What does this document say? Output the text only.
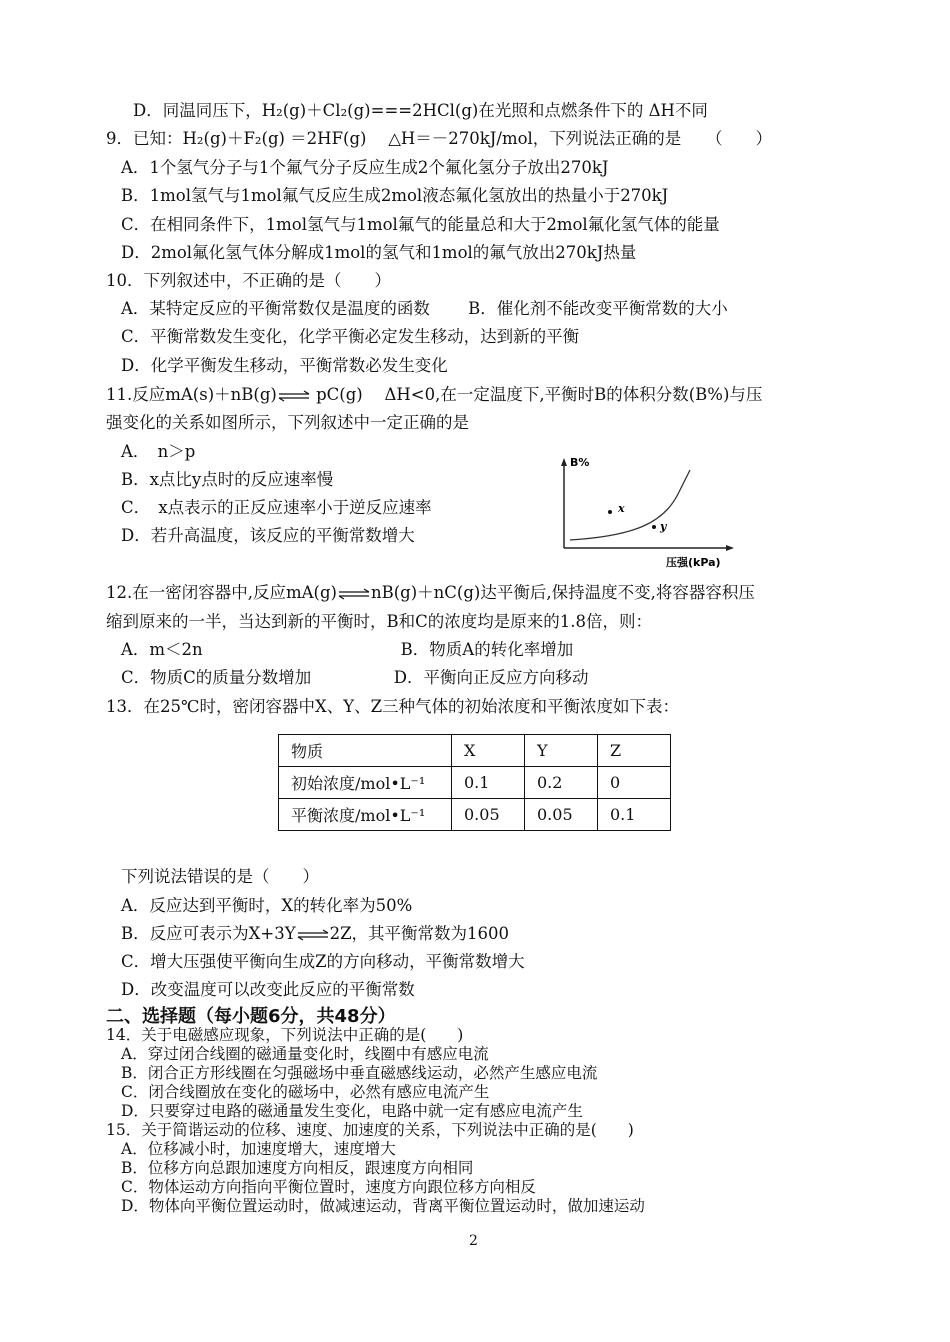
D．同温同压下，H₂(g)＋Cl₂(g)===2HCl(g)在光照和点燃条件下的 ΔH不同
9．已知：H₂(g)＋F₂(g) ＝2HF(g)　 △H＝－270kJ/mol，下列说法正确的是　　（　　）
A．1个氢气分子与1个氟气分子反应生成2个氟化氢分子放出270kJ
B．1mol氢气与1mol氟气反应生成2mol液态氟化氢放出的热量小于270kJ
C．在相同条件下，1mol氢气与1mol氟气的能量总和大于2mol氟化氢气体的能量
D．2mol氟化氢气体分解成1mol的氢气和1mol的氟气放出270kJ热量
10．下列叙述中，不正确的是（　　）
A．某特定反应的平衡常数仅是温度的函数　　 B．催化剂不能改变平衡常数的大小
C．平衡常数发生变化，化学平衡必定发生移动，达到新的平衡
D．化学平衡发生移动，平衡常数必发生变化
11.反应mA(s)＋nB(g)⇌ pC(g)　 ΔH<0,在一定温度下,平衡时B的体积分数(B%)与压
强变化的关系如图所示，下列叙述中一定正确的是
A．　n＞p
B．x点比y点时的反应速率慢
C．　x点表示的正反应速率小于逆反应速率
D．若升高温度，该反应的平衡常数增大
x
y
B%
压强(kPa)
12.在一密闭容器中,反应mA(g)⇌nB(g)＋nC(g)达平衡后,保持温度不变,将容器容积压
缩到原来的一半，当达到新的平衡时，B和C的浓度均是原来的1.8倍，则：
A．m＜2n　　　　　　　　　　　　B．物质A的转化率增加
C．物质C的质量分数增加　　　　　D．平衡向正反应方向移动
13．在25℃时，密闭容器中X、Y、Z三种气体的初始浓度和平衡浓度如下表：
物质	X	Y	Z
初始浓度/mol•L⁻¹	0.1	0.2	0
平衡浓度/mol•L⁻¹	0.05	0.05	0.1
下列说法错误的是（　　）
A．反应达到平衡时，X的转化率为50%
B．反应可表示为X+3Y⇌2Z，其平衡常数为1600
C．增大压强使平衡向生成Z的方向移动，平衡常数增大
D．改变温度可以改变此反应的平衡常数
二、选择题（每小题6分，共48分）
14．关于电磁感应现象，下列说法中正确的是(　　)
A．穿过闭合线圈的磁通量变化时，线圈中有感应电流
B．闭合正方形线圈在匀强磁场中垂直磁感线运动，必然产生感应电流
C．闭合线圈放在变化的磁场中，必然有感应电流产生
D．只要穿过电路的磁通量发生变化，电路中就一定有感应电流产生
15．关于简谐运动的位移、速度、加速度的关系，下列说法中正确的是(　　)
A．位移减小时，加速度增大，速度增大
B．位移方向总跟加速度方向相反，跟速度方向相同
C．物体运动方向指向平衡位置时，速度方向跟位移方向相反
D．物体向平衡位置运动时，做减速运动，背离平衡位置运动时，做加速运动
2
